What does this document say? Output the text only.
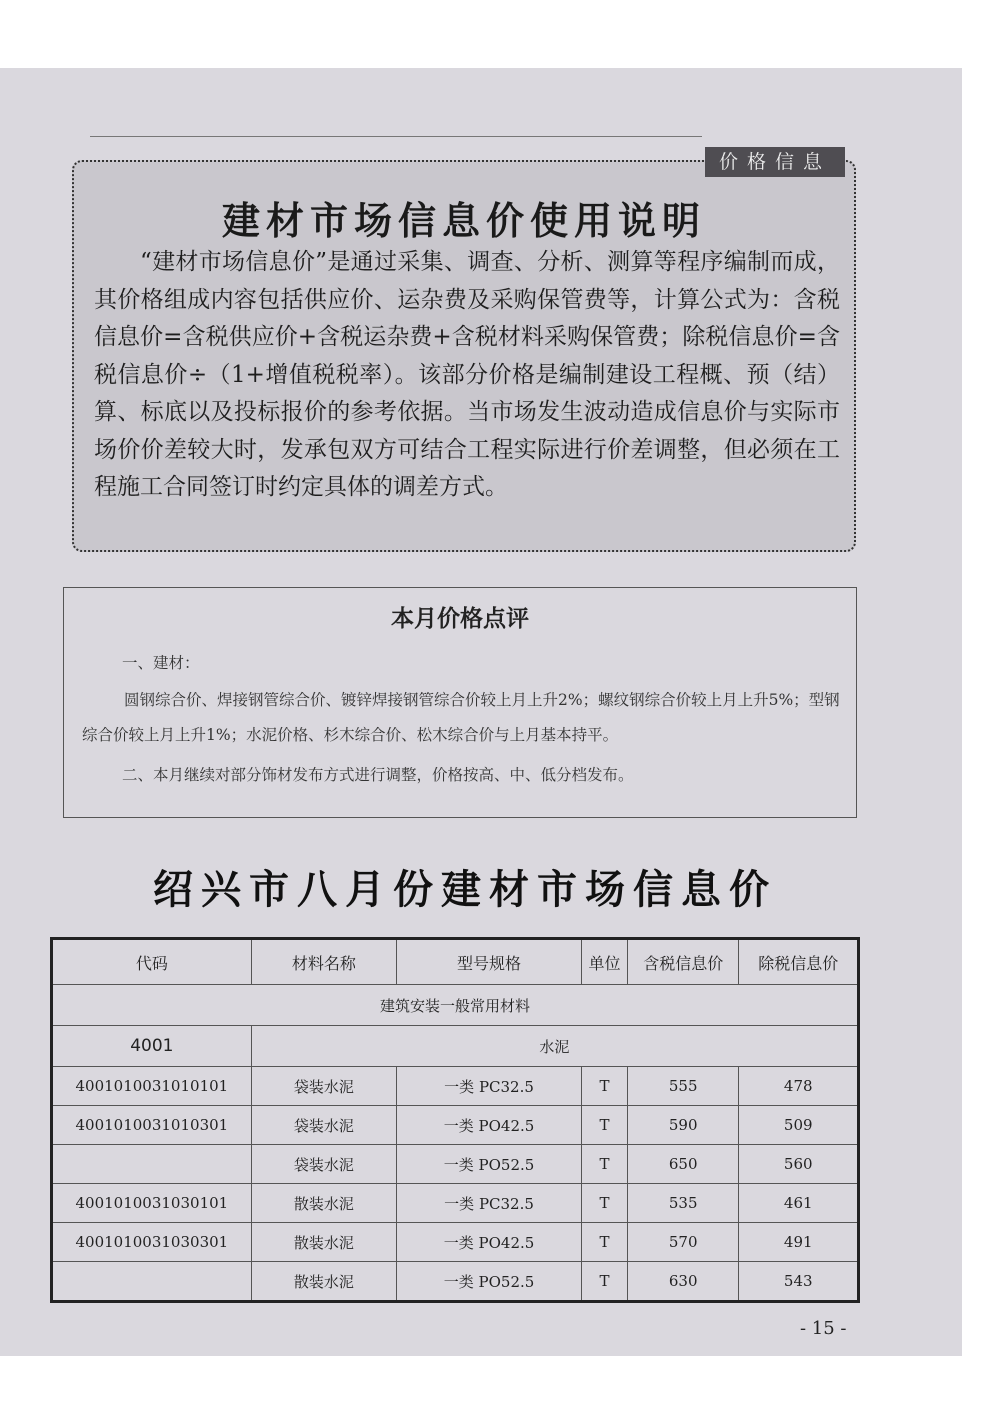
建材市场信息价使用说明

“建材市场信息价”是通过采集、调查、分析、测算等程序编制而成，其价格组成内容包括供应价、运杂费及采购保管费等，计算公式为：含税信息价=含税供应价+含税运杂费+含税材料采购保管费；除税信息价=含税信息价÷（1+增值税税率）。该部分价格是编制建设工程概、预（结）算、标底以及投标报价的参考依据。当市场发生波动造成信息价与实际市场价价差较大时，发承包双方可结合工程实际进行价差调整，但必须在工程施工合同签订时约定具体的调差方式。

价格信息
本月价格点评
一、建材：
圆钢综合价、焊接钢管综合价、镀锌焊接钢管综合价较上月上升2%；螺纹钢综合价较上月上升5%；型钢综合价较上月上升1%；水泥价格、杉木综合价、松木综合价与上月基本持平。
二、本月继续对部分饰材发布方式进行调整，价格按高、中、低分档发布。
绍兴市八月份建材市场信息价
代码	材料名称	型号规格	单位	含税信息价	除税信息价
建筑安装一般常用材料					
4001	水泥				
4001010031010101	袋装水泥	一类 PC32.5	T	555	478
4001010031010301	袋装水泥	一类 PO42.5	T	590	509
	袋装水泥	一类 PO52.5	T	650	560
4001010031030101	散装水泥	一类 PC32.5	T	535	461
4001010031030301	散装水泥	一类 PO42.5	T	570	491
	散装水泥	一类 PO52.5	T	630	543
- 15 -
